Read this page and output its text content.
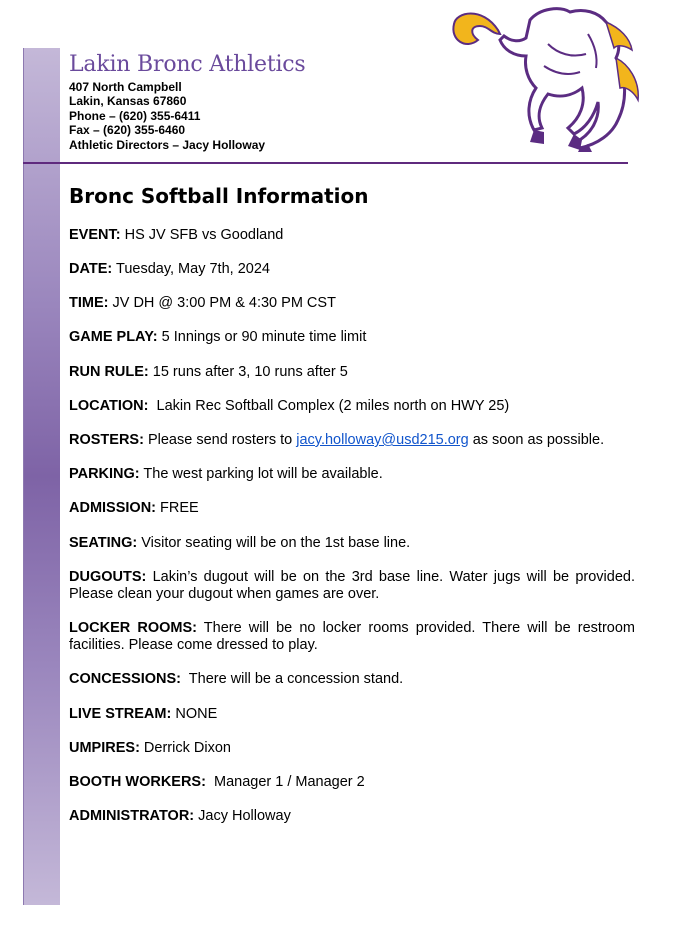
Lakin Bronc Athletics
407 North Campbell
Lakin, Kansas 67860
Phone – (620) 355-6411
Fax – (620) 355-6460
Athletic Directors – Jacy Holloway
Bronc Softball Information
EVENT: HS JV SFB vs Goodland
DATE: Tuesday, May 7th, 2024
TIME: JV DH @ 3:00 PM & 4:30 PM CST
GAME PLAY: 5 Innings or 90 minute time limit
RUN RULE: 15 runs after 3, 10 runs after 5
LOCATION:  Lakin Rec Softball Complex (2 miles north on HWY 25)
ROSTERS: Please send rosters to jacy.holloway@usd215.org as soon as possible.
PARKING: The west parking lot will be available.
ADMISSION: FREE
SEATING: Visitor seating will be on the 1st base line.
DUGOUTS: Lakin’s dugout will be on the 3rd base line. Water jugs will be provided. Please clean your dugout when games are over.
LOCKER ROOMS: There will be no locker rooms provided. There will be restroom facilities. Please come dressed to play.
CONCESSIONS:  There will be a concession stand.
LIVE STREAM: NONE
UMPIRES: Derrick Dixon
BOOTH WORKERS:  Manager 1 / Manager 2
ADMINISTRATOR: Jacy Holloway
